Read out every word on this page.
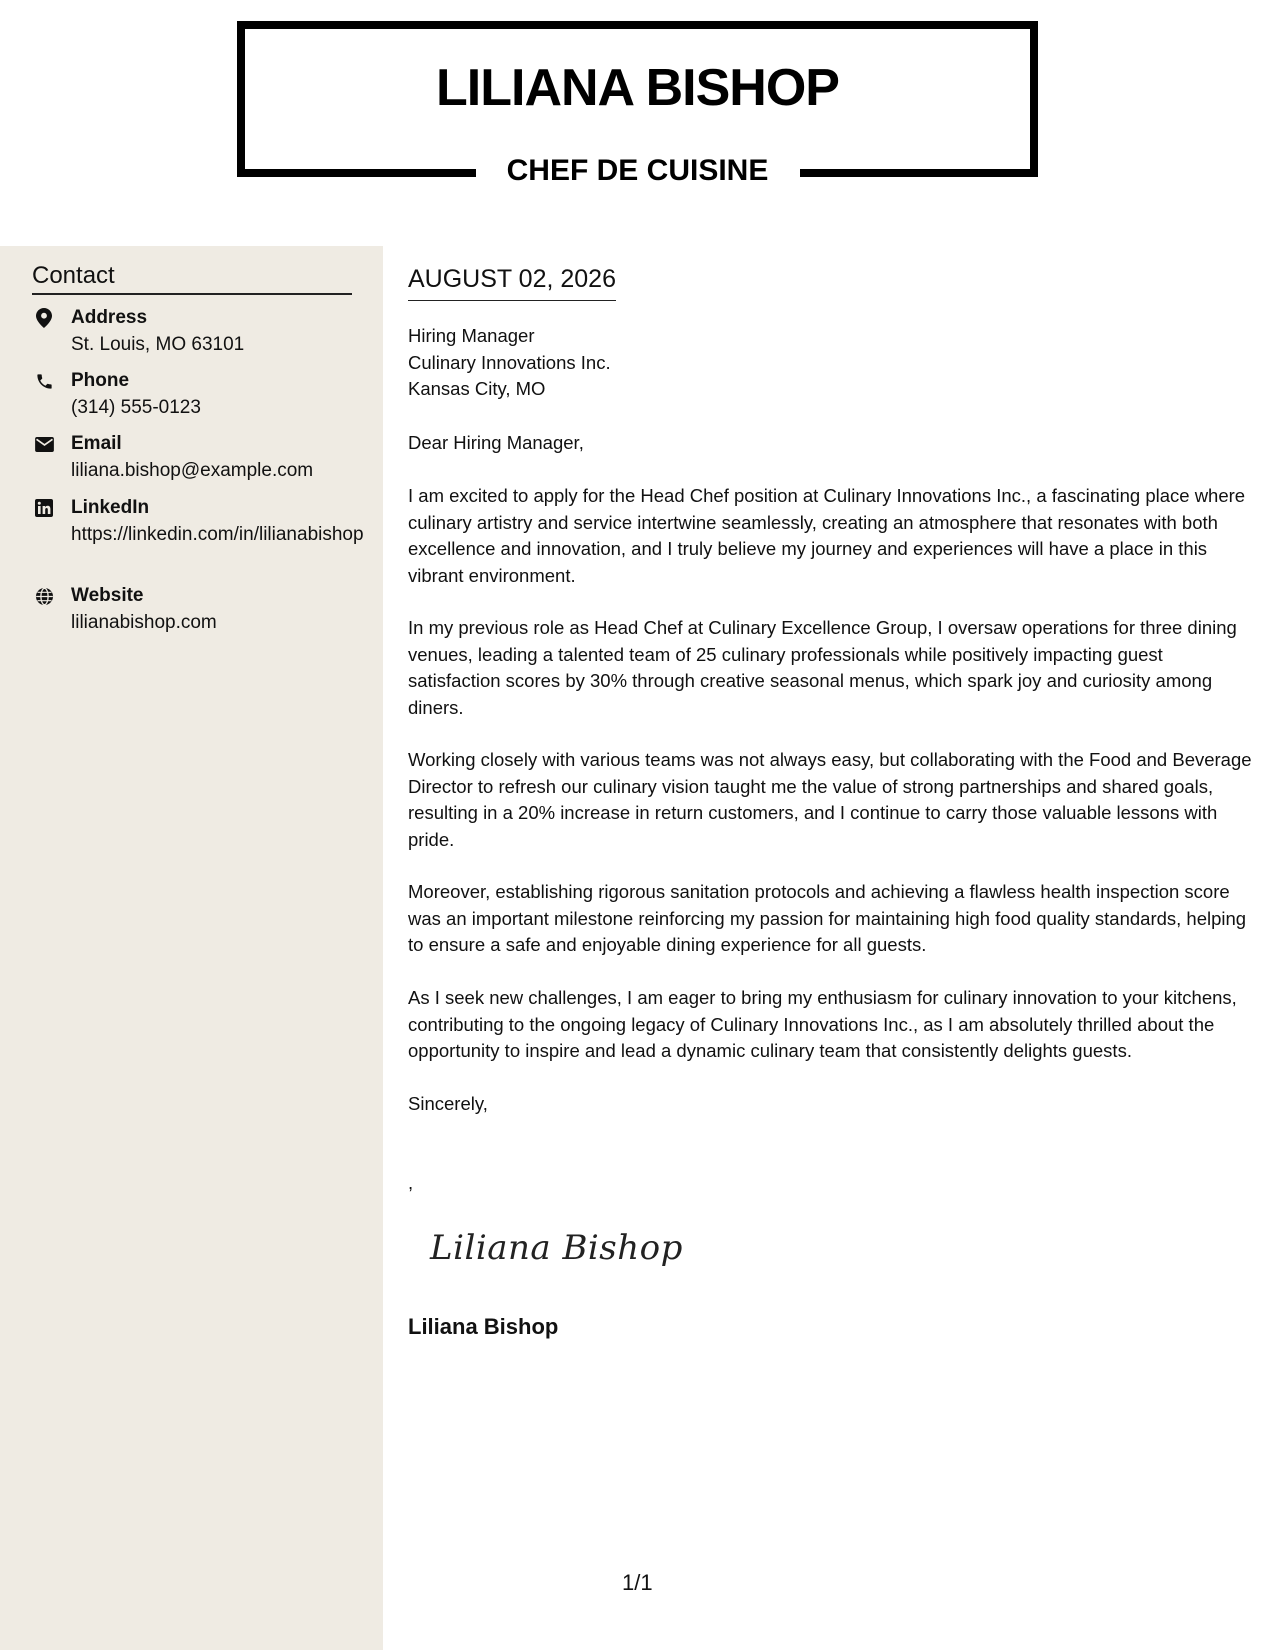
LILIANA BISHOP
CHEF DE CUISINE
Contact
Address
St. Louis, MO 63101
Phone
(314) 555-0123
Email
liliana.bishop@example.com
LinkedIn
https://linkedin.com/in/lilianabishop
Website
lilianabishop.com
AUGUST 02, 2026
Hiring Manager
Culinary Innovations Inc.
Kansas City, MO
Dear Hiring Manager,
I am excited to apply for the Head Chef position at Culinary Innovations Inc., a fascinating place where culinary artistry and service intertwine seamlessly, creating an atmosphere that resonates with both excellence and innovation, and I truly believe my journey and experiences will have a place in this vibrant environment.
In my previous role as Head Chef at Culinary Excellence Group, I oversaw operations for three dining venues, leading a talented team of 25 culinary professionals while positively impacting guest satisfaction scores by 30% through creative seasonal menus, which spark joy and curiosity among diners.
Working closely with various teams was not always easy, but collaborating with the Food and Beverage Director to refresh our culinary vision taught me the value of strong partnerships and shared goals, resulting in a 20% increase in return customers, and I continue to carry those valuable lessons with pride.
Moreover, establishing rigorous sanitation protocols and achieving a flawless health inspection score was an important milestone reinforcing my passion for maintaining high food quality standards, helping to ensure a safe and enjoyable dining experience for all guests.
As I seek new challenges, I am eager to bring my enthusiasm for culinary innovation to your kitchens, contributing to the ongoing legacy of Culinary Innovations Inc., as I am absolutely thrilled about the opportunity to inspire and lead a dynamic culinary team that consistently delights guests.
Sincerely,
,
Liliana Bishop
Liliana Bishop
1/1
